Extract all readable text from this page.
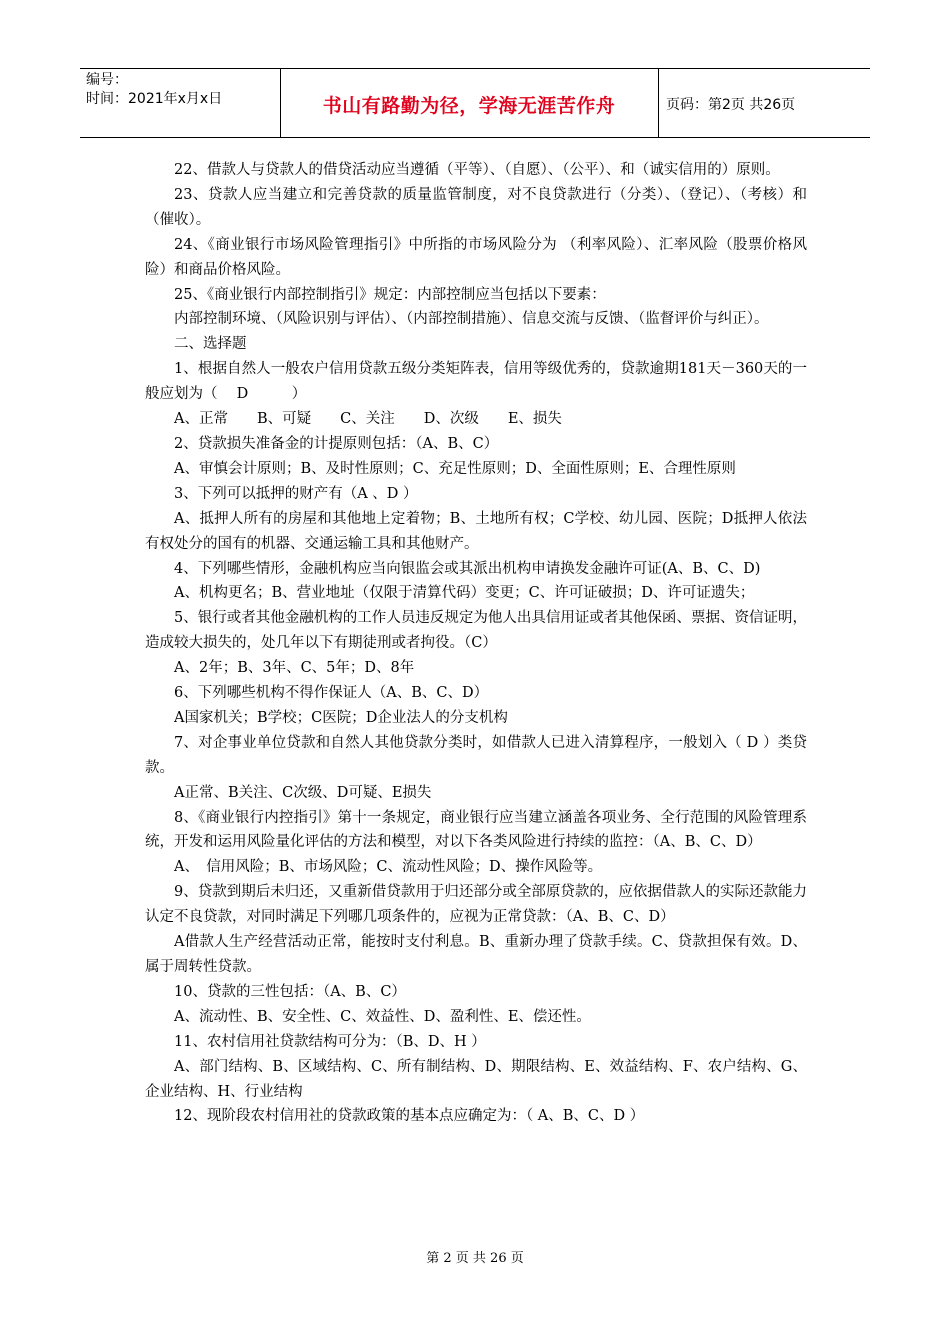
编号：
时间：2021年x月x日	书山有路勤为径，学海无涯苦作舟	页码：第2页 共26页

22、借款人与贷款人的借贷活动应当遵循（平等）、（自愿）、（公平）、和（诚实信用的）原则。

23、贷款人应当建立和完善贷款的质量监管制度，对不良贷款进行（分类）、（登记）、（考核）和（催收）。

24、《商业银行市场风险管理指引》中所指的市场风险分为 （利率风险）、汇率风险（股票价格风险）和商品价格风险。

25、《商业银行内部控制指引》规定：内部控制应当包括以下要素：

内部控制环境、（风险识别与评估）、（内部控制措施）、信息交流与反馈、（监督评价与纠正）。

二、选择题

1、根据自然人一般农户信用贷款五级分类矩阵表，信用等级优秀的，贷款逾期181天－360天的一般应划为（　 D　　　）

A、正常　　B、可疑　　C、关注　　D、次级　　E、损失

2、贷款损失准备金的计提原则包括：（A、B、C）

A、审慎会计原则；B、及时性原则；C、充足性原则；D、全面性原则；E、合理性原则

3、下列可以抵押的财产有（A 、D ）

A、抵押人所有的房屋和其他地上定着物；B、土地所有权；C学校、幼儿园、医院；D抵押人依法有权处分的国有的机器、交通运输工具和其他财产。

4、下列哪些情形，金融机构应当向银监会或其派出机构申请换发金融许可证(A、B、C、D)

A、机构更名；B、营业地址（仅限于清算代码）变更；C、许可证破损；D、许可证遗失；

5、银行或者其他金融机构的工作人员违反规定为他人出具信用证或者其他保函、票据、资信证明，造成较大损失的，处几年以下有期徒刑或者拘役。（C）

A、2年；B、3年、C、5年；D、8年

6、下列哪些机构不得作保证人（A、B、C、D）

A国家机关；B学校；C医院；D企业法人的分支机构

7、对企事业单位贷款和自然人其他贷款分类时，如借款人已进入清算程序，一般划入（ D ）类贷款。

A正常、B关注、C次级、D可疑、E损失

8、《商业银行内控指引》第十一条规定，商业银行应当建立涵盖各项业务、全行范围的风险管理系统，开发和运用风险量化评估的方法和模型，对以下各类风险进行持续的监控：（A、B、C、D）

A、　信用风险；B、市场风险；C、流动性风险；D、操作风险等。

9、贷款到期后未归还，又重新借贷款用于归还部分或全部原贷款的，应依据借款人的实际还款能力认定不良贷款，对同时满足下列哪几项条件的，应视为正常贷款：（A、B、C、D）

A借款人生产经营活动正常，能按时支付利息。B、重新办理了贷款手续。C、贷款担保有效。D、属于周转性贷款。

10、贷款的三性包括：（A、B、C）

A、流动性、B、安全性、C、效益性、D、盈利性、E、偿还性。

11、农村信用社贷款结构可分为：（B、D、H ）

A、部门结构、B、区域结构、C、所有制结构、D、期限结构、E、效益结构、F、农户结构、G、企业结构、H、行业结构

12、现阶段农村信用社的贷款政策的基本点应确定为：（ A、B、C、D ）

第 2 页 共 26 页
